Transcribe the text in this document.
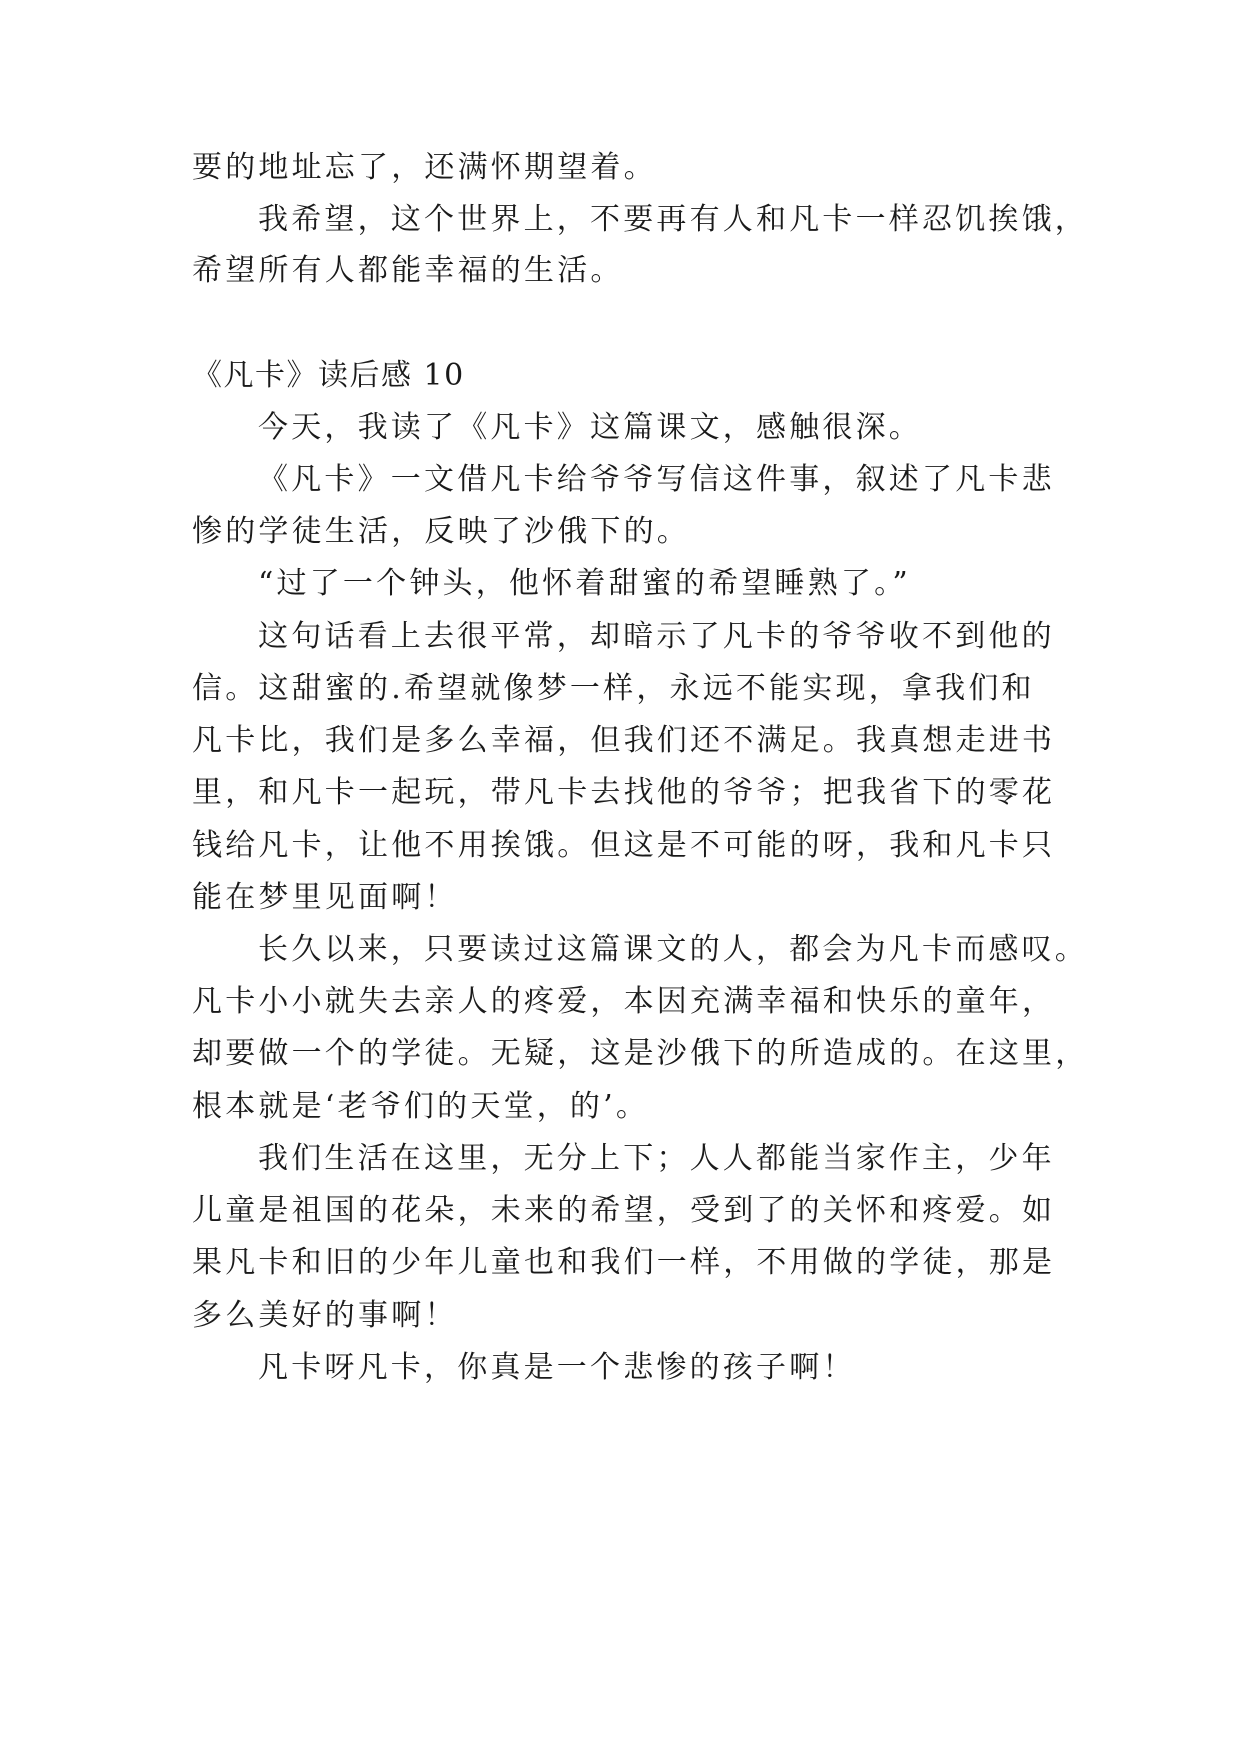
要的地址忘了，还满怀期望着。
我希望，这个世界上，不要再有人和凡卡一样忍饥挨饿，
希望所有人都能幸福的生活。
《凡卡》读后感 10
今天，我读了《凡卡》这篇课文，感触很深。
《凡卡》一文借凡卡给爷爷写信这件事，叙述了凡卡悲
惨的学徒生活，反映了沙俄下的。
“过了一个钟头，他怀着甜蜜的希望睡熟了。”
这句话看上去很平常，却暗示了凡卡的爷爷收不到他的
信。这甜蜜的.希望就像梦一样，永远不能实现，拿我们和
凡卡比，我们是多么幸福，但我们还不满足。我真想走进书
里，和凡卡一起玩，带凡卡去找他的爷爷；把我省下的零花
钱给凡卡，让他不用挨饿。但这是不可能的呀，我和凡卡只
能在梦里见面啊！
长久以来，只要读过这篇课文的人，都会为凡卡而感叹。
凡卡小小就失去亲人的疼爱，本因充满幸福和快乐的童年，
却要做一个的学徒。无疑，这是沙俄下的所造成的。在这里，
根本就是‘老爷们的天堂，的’。
我们生活在这里，无分上下；人人都能当家作主，少年
儿童是祖国的花朵，未来的希望，受到了的关怀和疼爱。如
果凡卡和旧的少年儿童也和我们一样，不用做的学徒，那是
多么美好的事啊！
凡卡呀凡卡，你真是一个悲惨的孩子啊！
